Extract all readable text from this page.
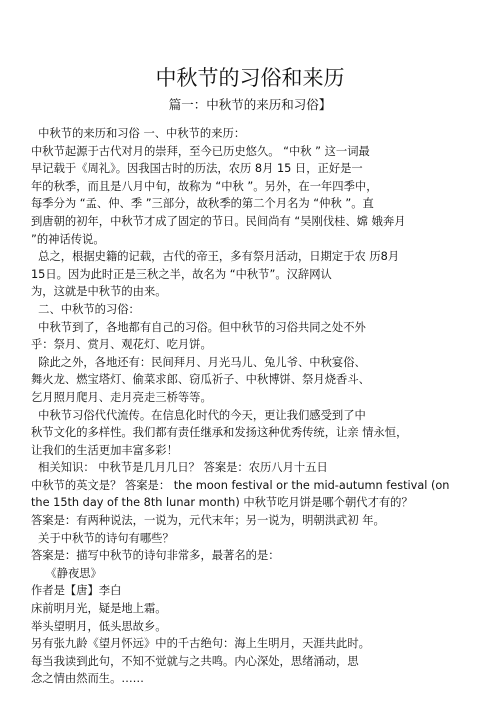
中秋节的习俗和来历
篇一：中秋节的来历和习俗】
中秋节的来历和习俗 一、中秋节的来历：
中秋节起源于古代对月的崇拜，至今已历史悠久。 “中秋 ” 这一词最
早记载于《周礼》。因我国古时的历法，农历 8月 15 日，正好是一
年的秋季，而且是八月中旬，故称为 “中秋 ”。另外，在一年四季中，
每季分为 “孟、仲、季 ”三部分，故秋季的第二个月名为 “仲秋 ”。直
到唐朝的初年，中秋节才成了固定的节日。民间尚有 “吴刚伐桂、嫦 娥奔月
”的神话传说。
总之，根据史籍的记载，古代的帝王，多有祭月活动，日期定于农 历8月
15日。因为此时正是三秋之半，故名为 “中秋节”。汉辞网认
为，这就是中秋节的由来。
二、中秋节的习俗：
中秋节到了，各地都有自己的习俗。但中秋节的习俗共同之处不外
乎：祭月、赏月、观花灯、吃月饼。
除此之外，各地还有：民间拜月、月光马儿、兔儿爷、中秋宴俗、
舞火龙、燃宝塔灯、偷菜求郎、窃瓜祈子、中秋博饼、祭月烧香斗、
乞月照月爬月、走月亮走三桥等等。
中秋节习俗代代流传。在信息化时代的今天，更让我们感受到了中
秋节文化的多样性。我们都有责任继承和发扬这种优秀传统，让亲 情永恒，
让我们的生活更加丰富多彩！
相关知识： 中秋节是几月几日？ 答案是：农历八月十五日
中秋节的英文是？ 答案是： the moon festival or the mid-autumn festival (on
the 15th day of the 8th lunar month) 中秋节吃月饼是哪个朝代才有的？
答案是：有两种说法，一说为，元代末年；另一说为，明朝洪武初 年。
关于中秋节的诗句有哪些？
答案是：描写中秋节的诗句非常多，最著名的是：
《静夜思》
作者是【唐】李白
床前明月光，疑是地上霜。
举头望明月，低头思故乡。
另有张九龄《望月怀远》中的千古绝句：海上生明月，天涯共此时。
每当我读到此句，不知不觉就与之共鸣。内心深处，思绪涌动，思
念之情由然而生。……
